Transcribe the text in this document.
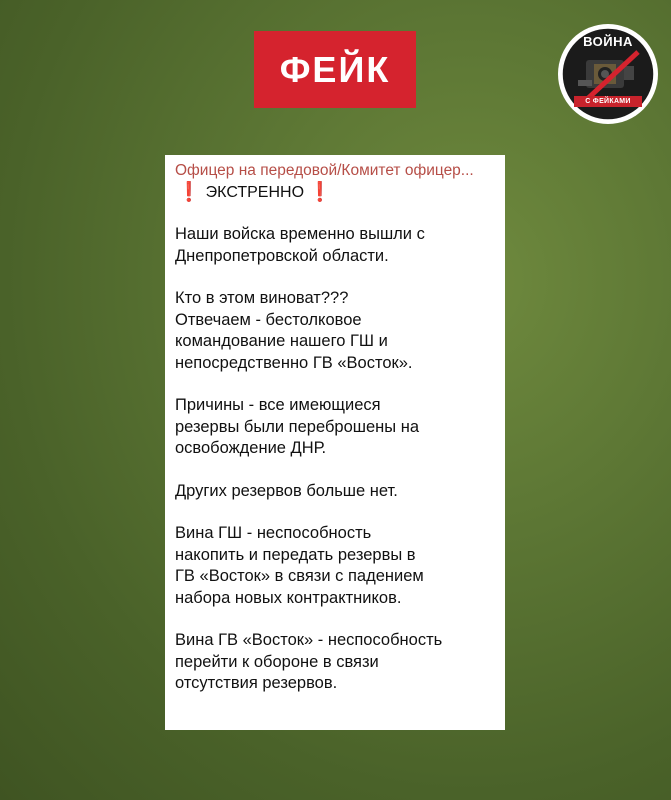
ФЕЙК
ВОЙНА
С ФЕЙКАМИ
Офицер на передовой/Комитет офицер...
❗ ЭКСТРЕННО ❗
Наши войска временно вышли с
Днепропетровской области.
Кто в этом виноват???
Отвечаем - бестолковое
командование нашего ГШ и
непосредственно ГВ «Восток».
Причины - все имеющиеся
резервы были переброшены на
освобождение ДНР.
Других резервов больше нет.
Вина ГШ - неспособность
накопить и передать резервы в
ГВ «Восток» в связи с падением
набора новых контрактников.
Вина ГВ «Восток» - неспособность
перейти к обороне в связи
отсутствия резервов.
